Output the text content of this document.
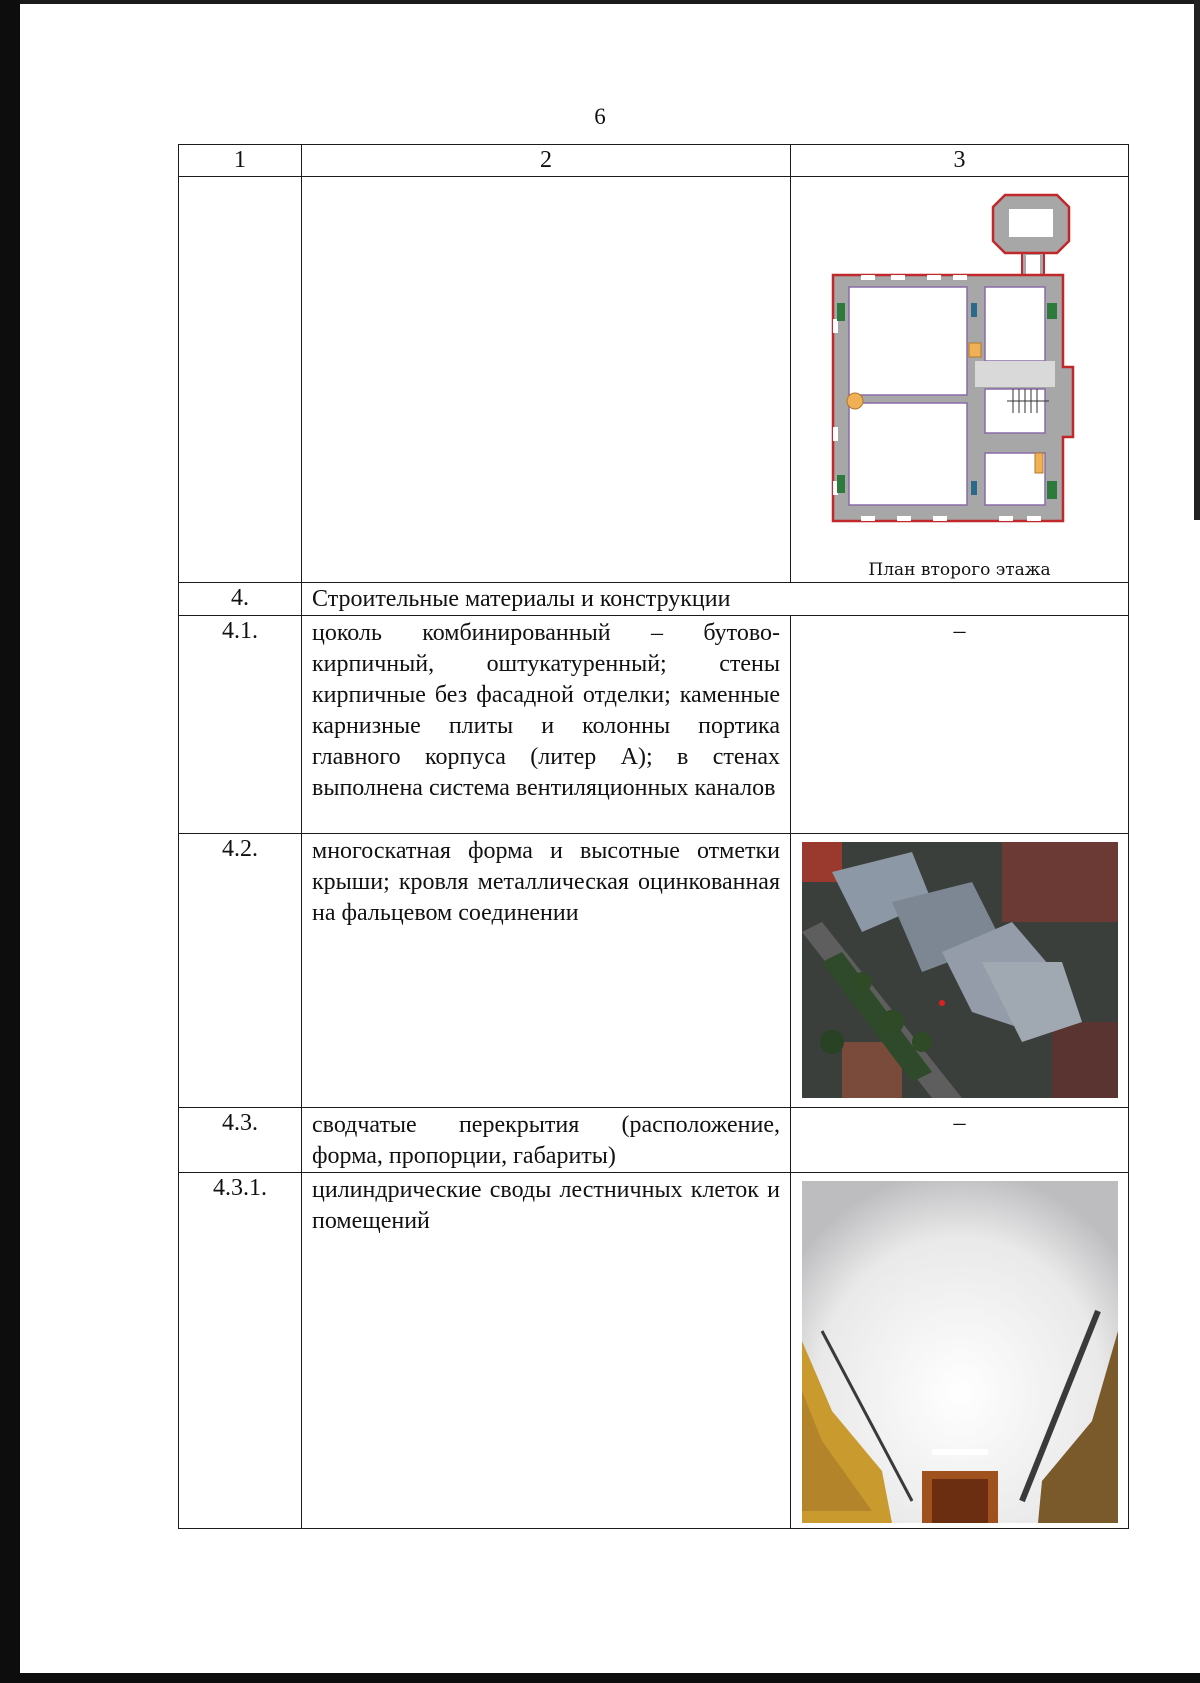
6
1	2	3

		План второго этажа

4.	Строительные материалы и конструкции	
4.1.	цоколь комбинированный – бутово-кирпичный, оштукатуренный; стены кирпичные без фасадной отделки; каменные карнизные плиты и колонны портика главного корпуса (литер А); в стенах выполнена система вентиляционных каналов	–
4.2.	многоскатная форма и высотные отметки крыши; кровля металлическая оцинкованная на фальцевом соединении

4.3.	сводчатые перекрытия (расположение, форма, пропорции, габариты)	–
4.3.1.	цилиндрические своды лестничных клеток и помещений
